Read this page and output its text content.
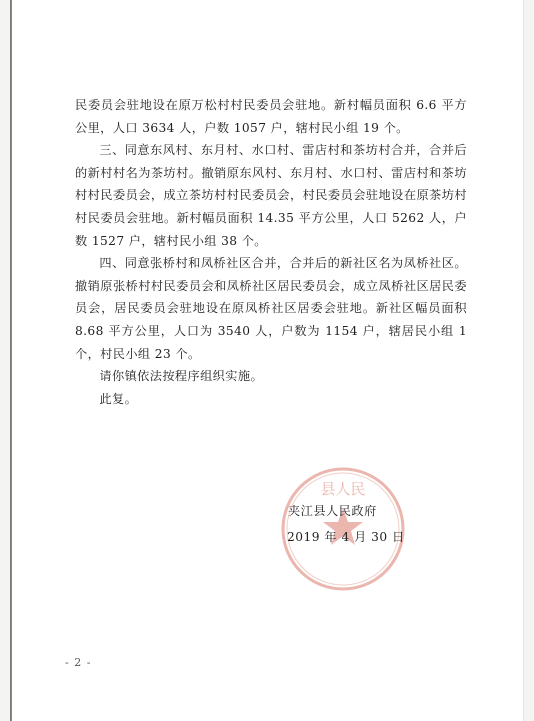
民委员会驻地设在原万松村村民委员会驻地。新村幅员面积 6.6 平方公里，人口 3634 人，户数 1057 户，辖村民小组 19 个。

三、同意东风村、东月村、水口村、雷店村和茶坊村合并，合并后的新村村名为茶坊村。撤销原东风村、东月村、水口村、雷店村和茶坊村村民委员会，成立茶坊村村民委员会，村民委员会驻地设在原茶坊村村民委员会驻地。新村幅员面积 14.35 平方公里，人口 5262 人，户数 1527 户，辖村民小组 38 个。

四、同意张桥村和凤桥社区合并，合并后的新社区名为凤桥社区。撤销原张桥村村民委员会和凤桥社区居民委员会，成立凤桥社区居民委员会，居民委员会驻地设在原凤桥社区居委会驻地。新社区幅员面积 8.68 平方公里，人口为 3540 人，户数为 1154 户，辖居民小组 1 个，村民小组 23 个。

请你镇依法按程序组织实施。

此复。

县人民
夹江县人民政府
2019 年 4 月 30 日
- 2 -
